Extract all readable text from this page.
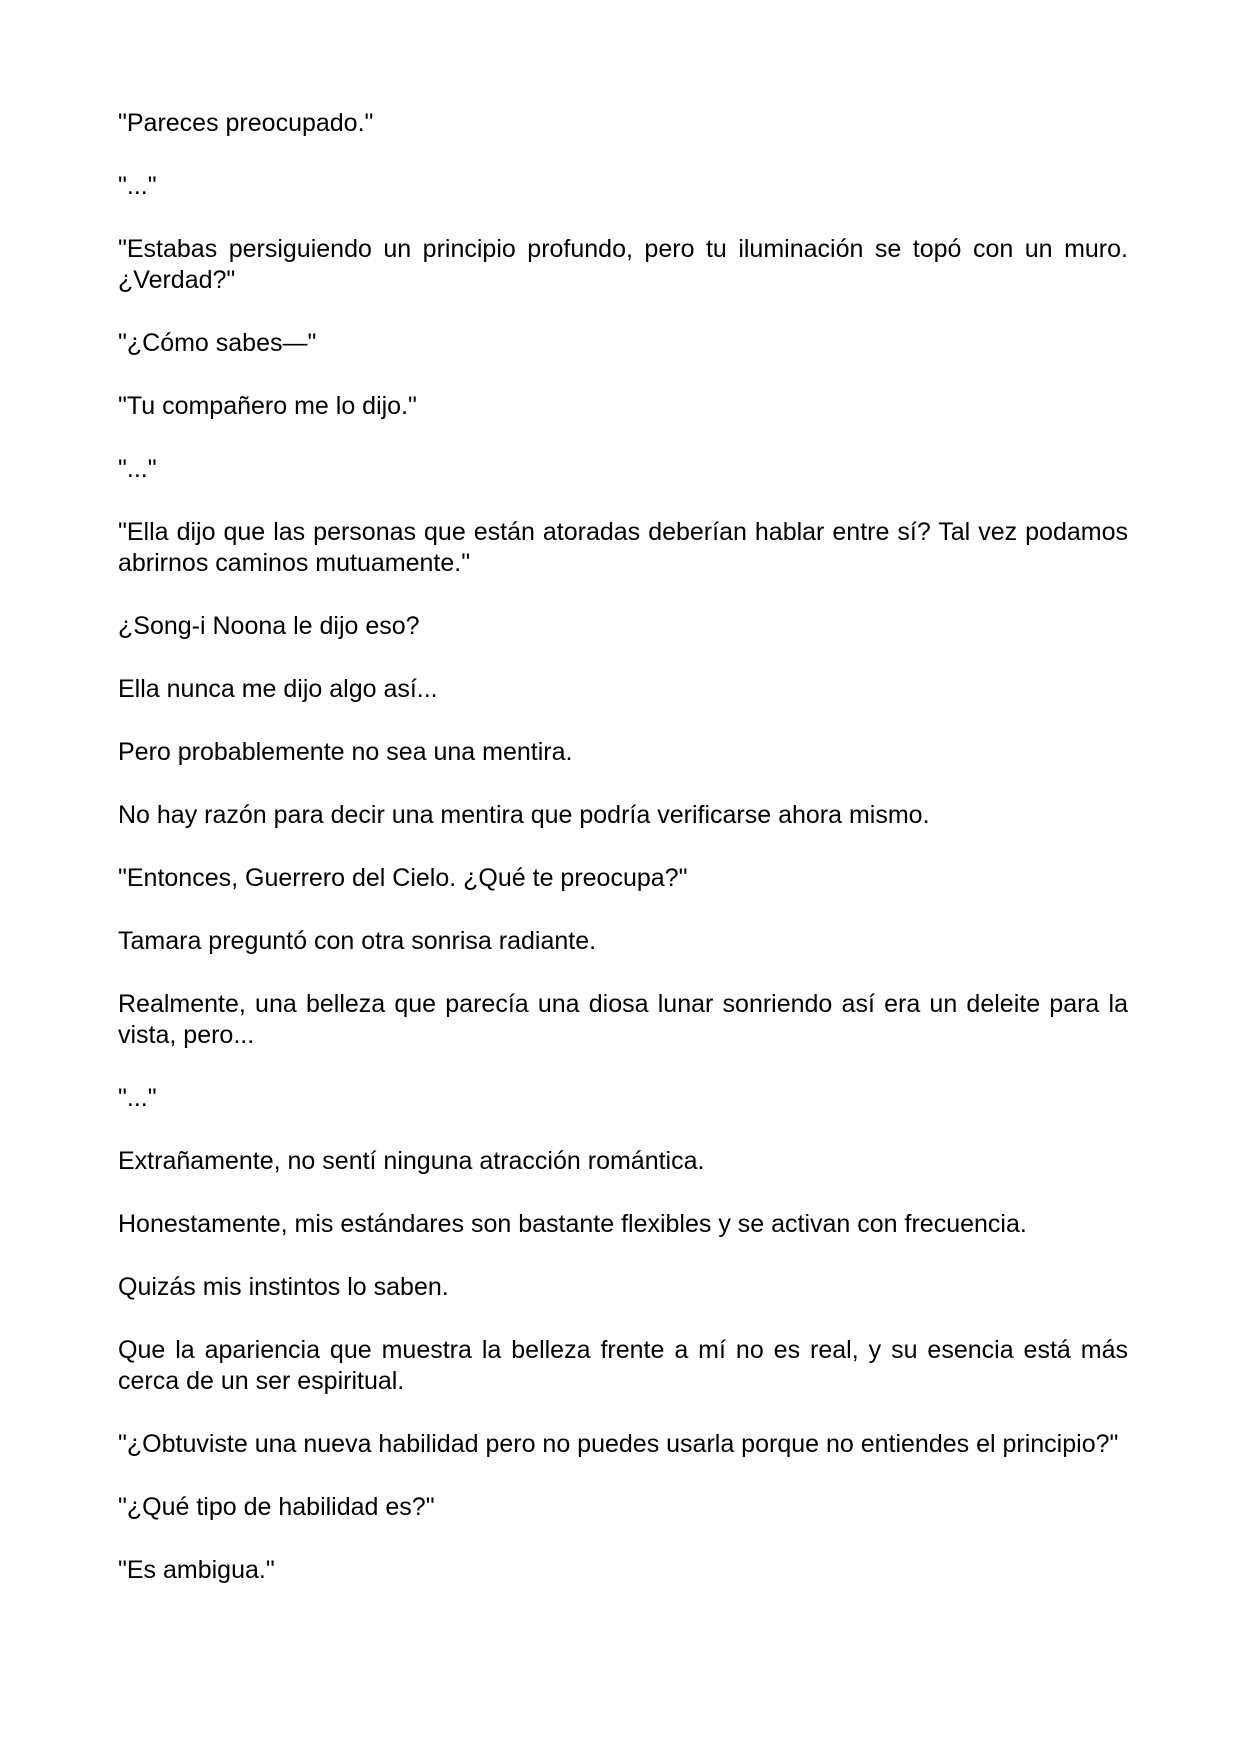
"Pareces preocupado."

"..."

"Estabas persiguiendo un principio profundo, pero tu iluminación se topó con un muro. ¿Verdad?"

"¿Cómo sabes—"

"Tu compañero me lo dijo."

"..."

"Ella dijo que las personas que están atoradas deberían hablar entre sí? Tal vez podamos abrirnos caminos mutuamente."

¿Song-i Noona le dijo eso?

Ella nunca me dijo algo así...

Pero probablemente no sea una mentira.

No hay razón para decir una mentira que podría verificarse ahora mismo.

"Entonces, Guerrero del Cielo. ¿Qué te preocupa?"

Tamara preguntó con otra sonrisa radiante.

Realmente, una belleza que parecía una diosa lunar sonriendo así era un deleite para la vista, pero...

"..."

Extrañamente, no sentí ninguna atracción romántica.

Honestamente, mis estándares son bastante flexibles y se activan con frecuencia.

Quizás mis instintos lo saben.

Que la apariencia que muestra la belleza frente a mí no es real, y su esencia está más cerca de un ser espiritual.

"¿Obtuviste una nueva habilidad pero no puedes usarla porque no entiendes el principio?"

"¿Qué tipo de habilidad es?"

"Es ambigua."
